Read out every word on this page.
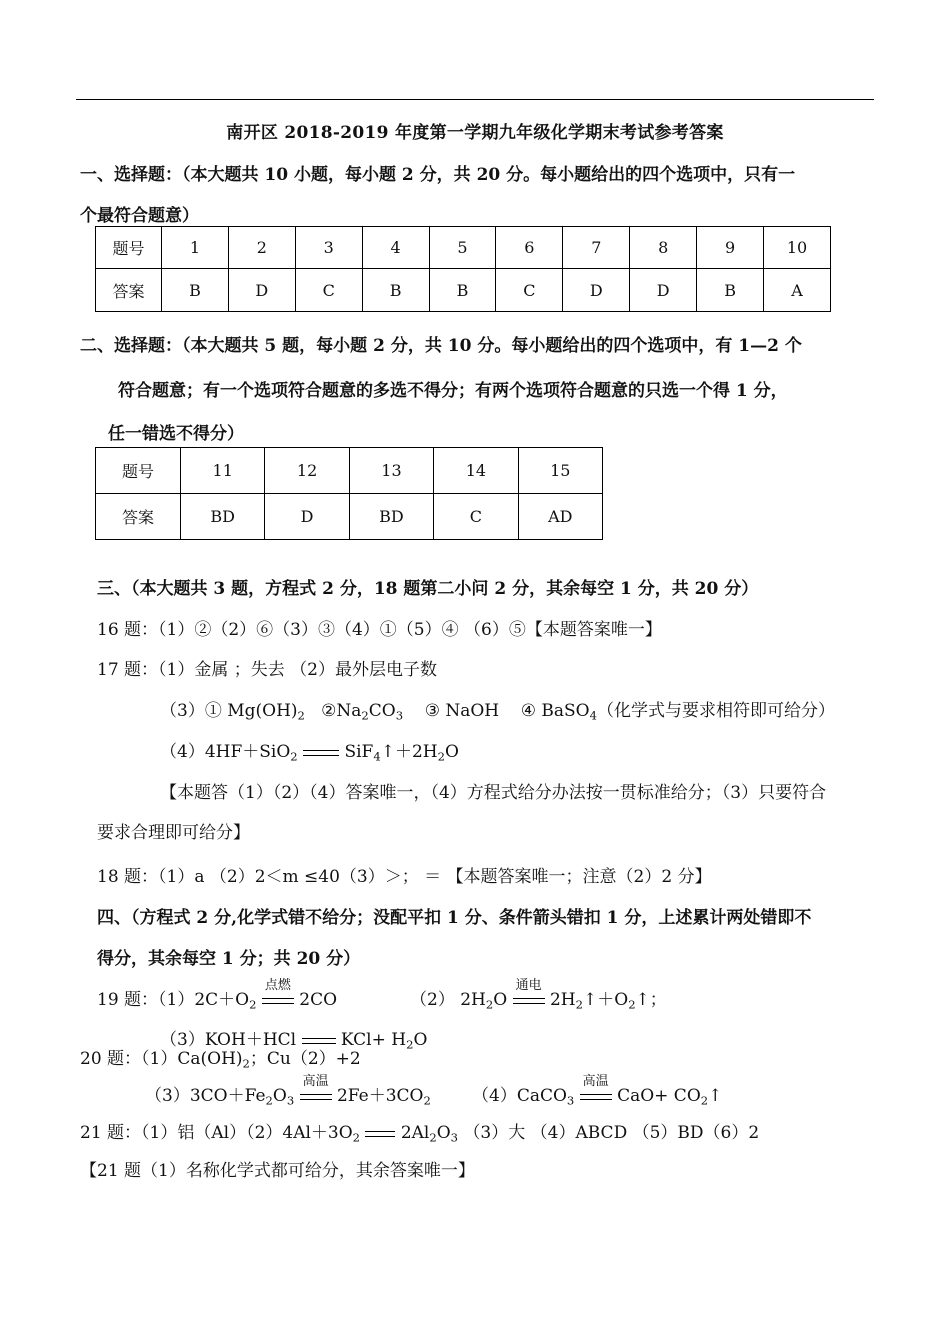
南开区 2018-2019 年度第一学期九年级化学期末考试参考答案
一、选择题：（本大题共 10 小题，每小题 2 分，共 20 分。每小题给出的四个选项中，只有一
个最符合题意）
题号	1	2	3	4	5	6	7	8	9	10
答案	B	D	C	B	B	C	D	D	B	A
二、选择题：（本大题共 5 题，每小题 2 分，共 10 分。每小题给出的四个选项中，有 1—2 个
符合题意；有一个选项符合题意的多选不得分；有两个选项符合题意的只选一个得 1 分，
任一错选不得分）
题号	11	12	13	14	15
答案	BD	D	BD	C	AD
三、（本大题共 3 题，方程式 2 分，18 题第二小问 2 分，其余每空 1 分，共 20 分）
16 题：（1）②（2）⑥（3）③（4）①（5）④ （6）⑤【本题答案唯一】
17 题：（1）金属 ；失去 （2）最外层电子数
（3）① $Mg(OH)_2$ $②Na_2CO_3$ ③ NaOH ④ BaSO$_4$（化学式与要求相符即可给分）
（4）4HF＋SiO$_2$	$SiF_4↑+2H_2O$
【本题答（1）（2）（4）答案唯一，（4）方程式给分办法按一贯标准给分；（3）只要符合
要求合理即可给分】
18 题：（1）a （2）2＜m ≤40（3）＞； ＝ 【本题答案唯一；注意（2）2 分】
四、（方程式 2 分,化学式错不给分；没配平扣 1 分、条件箭头错扣 1 分，上述累计两处错即不
得分，其余每空 1 分；共 20 分）
19 题：$(1)2C+O_2$
点燃
2CO	（2） $2H_2O$
通电
$2H_2↑+O_2↑$；
（3）KOH＋HCl	$KCl+ H_2O$
20 题：$(1)Ca(OH)_2$；Cu（2）+2
$(3)3CO+Fe_2O_3$
高温
$2Fe+3CO_2$ （4）CaCO$_3$
高温
$CaO+ CO_2↑$
21 题：（1）铝$(Al)(2)4Al+3O_2$ $2Al_2O_3$ （3）大 （4）ABCD （5）BD（6）2
【21 题（1）名称化学式都可给分，其余答案唯一】
